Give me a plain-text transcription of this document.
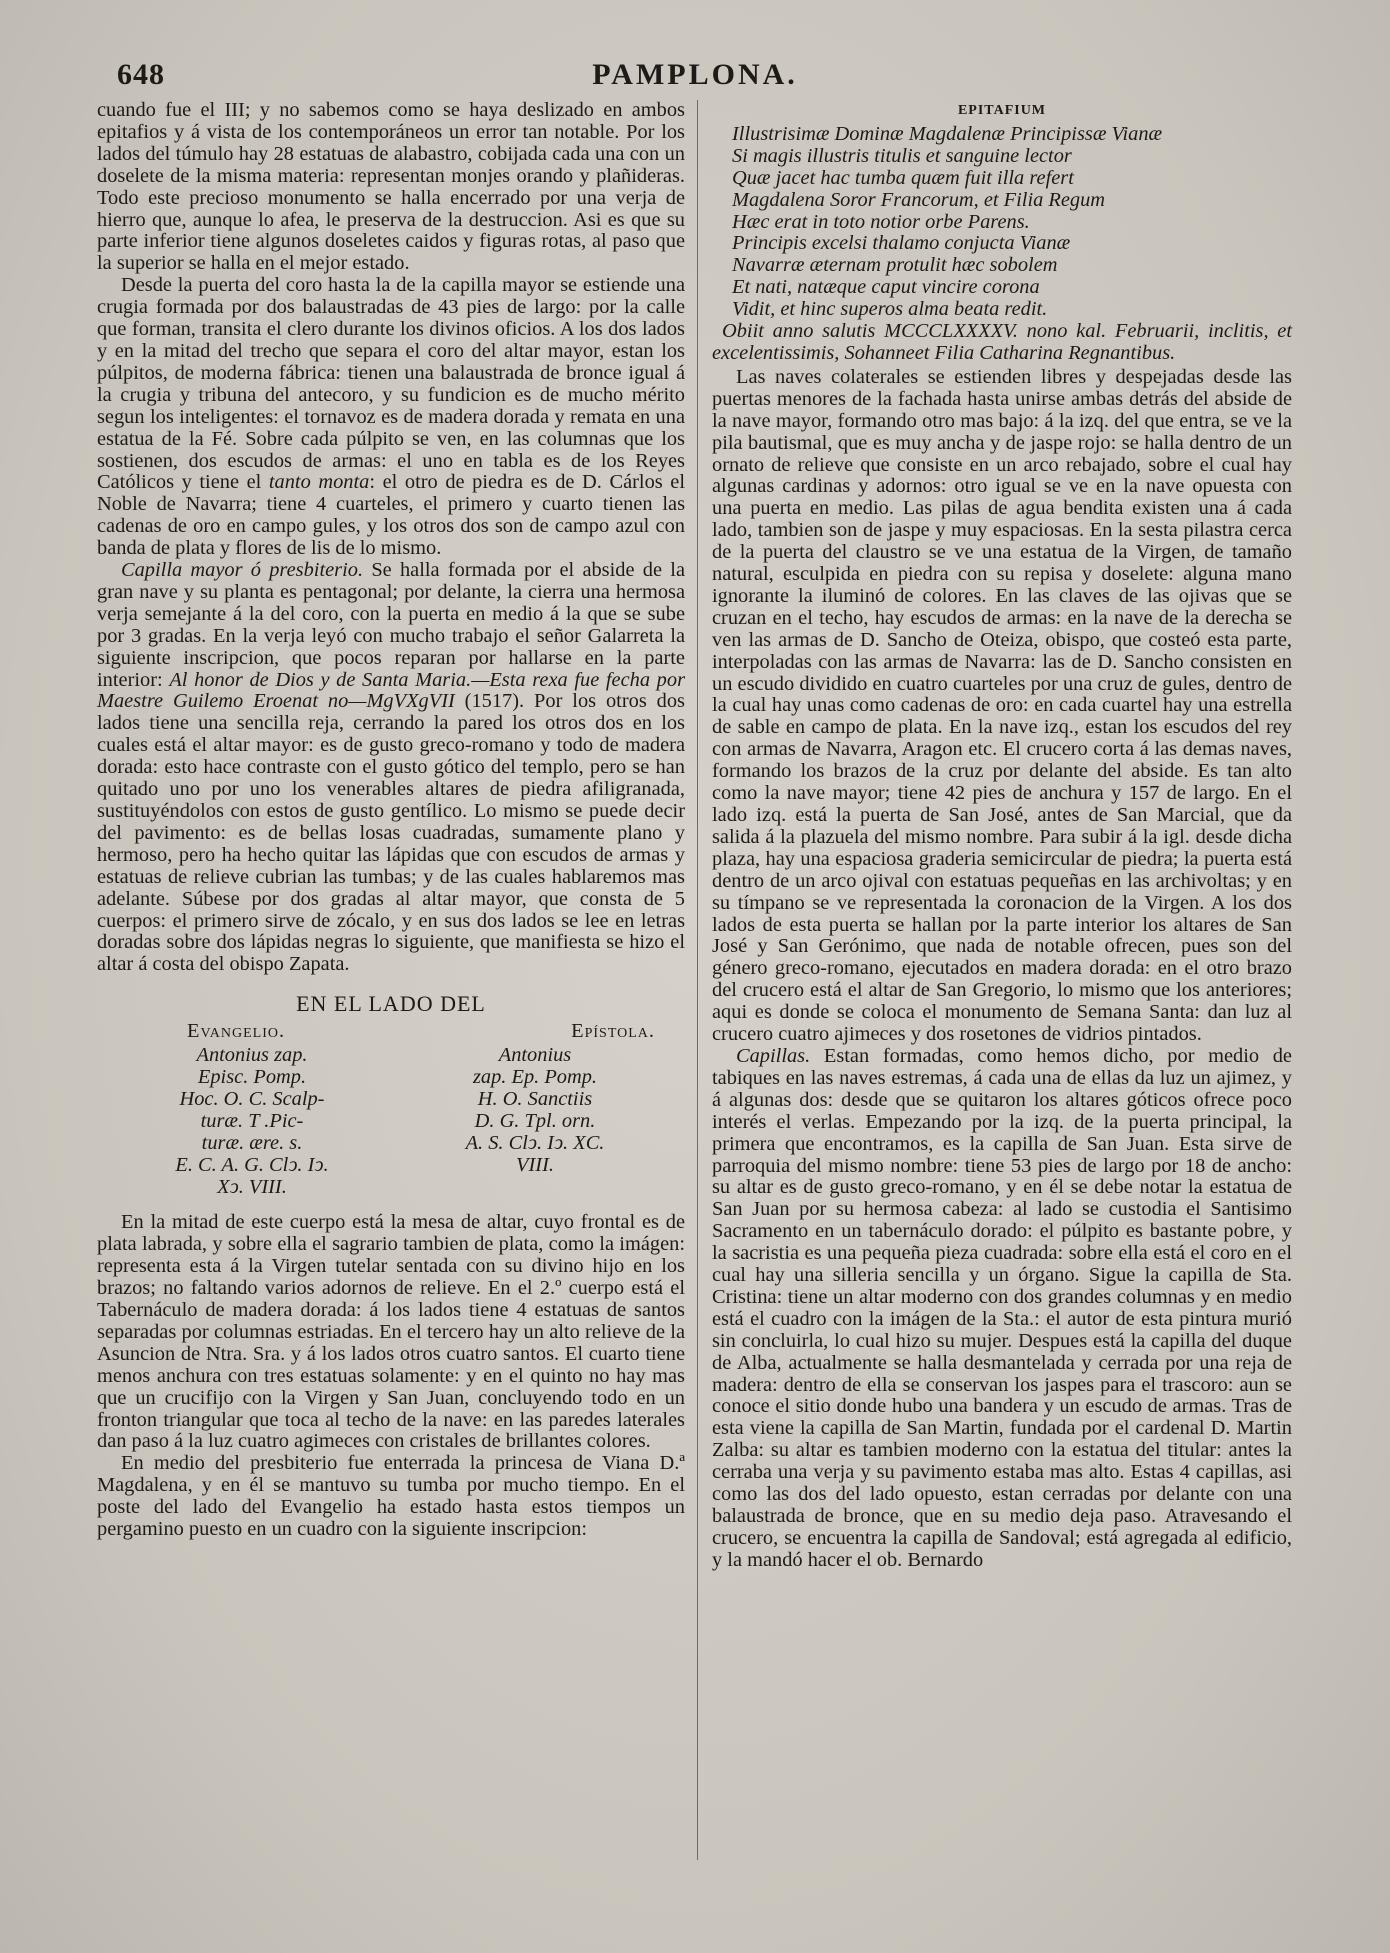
PAMPLONA.
648

cuando fue el III; y no sabemos como se haya deslizado en ambos epitafios y á vista de los contemporáneos un error tan notable. Por los lados del túmulo hay 28 estatuas de alabastro, cobijada cada una con un doselete de la misma materia: representan monjes orando y plañideras. Todo este precioso monumento se halla encerrado por una verja de hierro que, aunque lo afea, le preserva de la destruccion. Asi es que su parte inferior tiene algunos doseletes caidos y figuras rotas, al paso que la superior se halla en el mejor estado.

Desde la puerta del coro hasta la de la capilla mayor se estiende una crugia formada por dos balaustradas de 43 pies de largo: por la calle que forman, transita el clero durante los divinos oficios. A los dos lados y en la mitad del trecho que separa el coro del altar mayor, estan los púlpitos, de moderna fábrica: tienen una balaustrada de bronce igual á la crugia y tribuna del antecoro, y su fundicion es de mucho mérito segun los inteligentes: el tornavoz es de madera dorada y remata en una estatua de la Fé. Sobre cada púlpito se ven, en las columnas que los sostienen, dos escudos de armas: el uno en tabla es de los Reyes Católicos y tiene el tanto monta: el otro de piedra es de D. Cárlos el Noble de Navarra; tiene 4 cuarteles, el primero y cuarto tienen las cadenas de oro en campo gules, y los otros dos son de campo azul con banda de plata y flores de lis de lo mismo.

Capilla mayor ó presbiterio. Se halla formada por el abside de la gran nave y su planta es pentagonal; por delante, la cierra una hermosa verja semejante á la del coro, con la puerta en medio á la que se sube por 3 gradas. En la verja leyó con mucho trabajo el señor Galarreta la siguiente inscripcion, que pocos reparan por hallarse en la parte interior: Al honor de Dios y de Santa Maria.—Esta rexa fue fecha por Maestre Guilemo Eroenat no—MgVXgVII (1517). Por los otros dos lados tiene una sencilla reja, cerrando la pared los otros dos en los cuales está el altar mayor: es de gusto greco-romano y todo de madera dorada: esto hace contraste con el gusto gótico del templo, pero se han quitado uno por uno los venerables altares de piedra afiligranada, sustituyéndolos con estos de gusto gentílico. Lo mismo se puede decir del pavimento: es de bellas losas cuadradas, sumamente plano y hermoso, pero ha hecho quitar las lápidas que con escudos de armas y estatuas de relieve cubrian las tumbas; y de las cuales hablaremos mas adelante. Súbese por dos gradas al altar mayor, que consta de 5 cuerpos: el primero sirve de zócalo, y en sus dos lados se lee en letras doradas sobre dos lápidas negras lo siguiente, que manifiesta se hizo el altar á costa del obispo Zapata.

EN EL LADO DEL
Evangelio.	Epístola.
Antonius zap.
Episc. Pomp.
Hoc. O. C. Scalp-
turæ. T .Pic-
turæ. ære. s.
E. C. A. G. Clↄ. Iↄ.
Xↄ. VIII.
Antonius
zap. Ep. Pomp.
H. O. Sanctiis
D. G. Tpl. orn.
A. S. Clↄ. Iↄ. XC.
VIII.

En la mitad de este cuerpo está la mesa de altar, cuyo frontal es de plata labrada, y sobre ella el sagrario tambien de plata, como la imágen: representa esta á la Virgen tutelar sentada con su divino hijo en los brazos; no faltando varios adornos de relieve. En el 2.º cuerpo está el Tabernáculo de madera dorada: á los lados tiene 4 estatuas de santos separadas por columnas estriadas. En el tercero hay un alto relieve de la Asuncion de Ntra. Sra. y á los lados otros cuatro santos. El cuarto tiene menos anchura con tres estatuas solamente: y en el quinto no hay mas que un crucifijo con la Virgen y San Juan, concluyendo todo en un fronton triangular que toca al techo de la nave: en las paredes laterales dan paso á la luz cuatro agimeces con cristales de brillantes colores.

En medio del presbiterio fue enterrada la princesa de Viana D.ª Magdalena, y en él se mantuvo su tumba por mucho tiempo. En el poste del lado del Evangelio ha estado hasta estos tiempos un pergamino puesto en un cuadro con la siguiente inscripcion:

EPITAFIUM
Illustrisimæ Dominæ Magdalenæ Principissæ Vianæ
Si magis illustris titulis et sanguine lector
Quæ jacet hac tumba quæm fuit illa refert
Magdalena Soror Francorum, et Filia Regum
Hæc erat in toto notior orbe Parens.
Principis excelsi thalamo conjucta Vianæ
Navarræ æternam protulit hæc sobolem
Et nati, natæque caput vincire corona
Vidit, et hinc superos alma beata redit.

Obiit anno salutis MCCCLXXXXV. nono kal. Februarii, inclitis, et excelentissimis, Sohanneet Filia Catharina Regnantibus.

Las naves colaterales se estienden libres y despejadas desde las puertas menores de la fachada hasta unirse ambas detrás del abside de la nave mayor, formando otro mas bajo: á la izq. del que entra, se ve la pila bautismal, que es muy ancha y de jaspe rojo: se halla dentro de un ornato de relieve que consiste en un arco rebajado, sobre el cual hay algunas cardinas y adornos: otro igual se ve en la nave opuesta con una puerta en medio. Las pilas de agua bendita existen una á cada lado, tambien son de jaspe y muy espaciosas. En la sesta pilastra cerca de la puerta del claustro se ve una estatua de la Virgen, de tamaño natural, esculpida en piedra con su repisa y doselete: alguna mano ignorante la iluminó de colores. En las claves de las ojivas que se cruzan en el techo, hay escudos de armas: en la nave de la derecha se ven las armas de D. Sancho de Oteiza, obispo, que costeó esta parte, interpoladas con las armas de Navarra: las de D. Sancho consisten en un escudo dividido en cuatro cuarteles por una cruz de gules, dentro de la cual hay unas como cadenas de oro: en cada cuartel hay una estrella de sable en campo de plata. En la nave izq., estan los escudos del rey con armas de Navarra, Aragon etc. El crucero corta á las demas naves, formando los brazos de la cruz por delante del abside. Es tan alto como la nave mayor; tiene 42 pies de anchura y 157 de largo. En el lado izq. está la puerta de San José, antes de San Marcial, que da salida á la plazuela del mismo nombre. Para subir á la igl. desde dicha plaza, hay una espaciosa graderia semicircular de piedra; la puerta está dentro de un arco ojival con estatuas pequeñas en las archivoltas; y en su tímpano se ve representada la coronacion de la Virgen. A los dos lados de esta puerta se hallan por la parte interior los altares de San José y San Gerónimo, que nada de notable ofrecen, pues son del género greco-romano, ejecutados en madera dorada: en el otro brazo del crucero está el altar de San Gregorio, lo mismo que los anteriores; aqui es donde se coloca el monumento de Semana Santa: dan luz al crucero cuatro ajimeces y dos rosetones de vidrios pintados.

Capillas. Estan formadas, como hemos dicho, por medio de tabiques en las naves estremas, á cada una de ellas da luz un ajimez, y á algunas dos: desde que se quitaron los altares góticos ofrece poco interés el verlas. Empezando por la izq. de la puerta principal, la primera que encontramos, es la capilla de San Juan. Esta sirve de parroquia del mismo nombre: tiene 53 pies de largo por 18 de ancho: su altar es de gusto greco-romano, y en él se debe notar la estatua de San Juan por su hermosa cabeza: al lado se custodia el Santisimo Sacramento en un tabernáculo dorado: el púlpito es bastante pobre, y la sacristia es una pequeña pieza cuadrada: sobre ella está el coro en el cual hay una silleria sencilla y un órgano. Sigue la capilla de Sta. Cristina: tiene un altar moderno con dos grandes columnas y en medio está el cuadro con la imágen de la Sta.: el autor de esta pintura murió sin concluirla, lo cual hizo su mujer. Despues está la capilla del duque de Alba, actualmente se halla desmantelada y cerrada por una reja de madera: dentro de ella se conservan los jaspes para el trascoro: aun se conoce el sitio donde hubo una bandera y un escudo de armas. Tras de esta viene la capilla de San Martin, fundada por el cardenal D. Martin Zalba: su altar es tambien moderno con la estatua del titular: antes la cerraba una verja y su pavimento estaba mas alto. Estas 4 capillas, asi como las dos del lado opuesto, estan cerradas por delante con una balaustrada de bronce, que en su medio deja paso. Atravesando el crucero, se encuentra la capilla de Sandoval; está agregada al edificio, y la mandó hacer el ob. Bernardo
